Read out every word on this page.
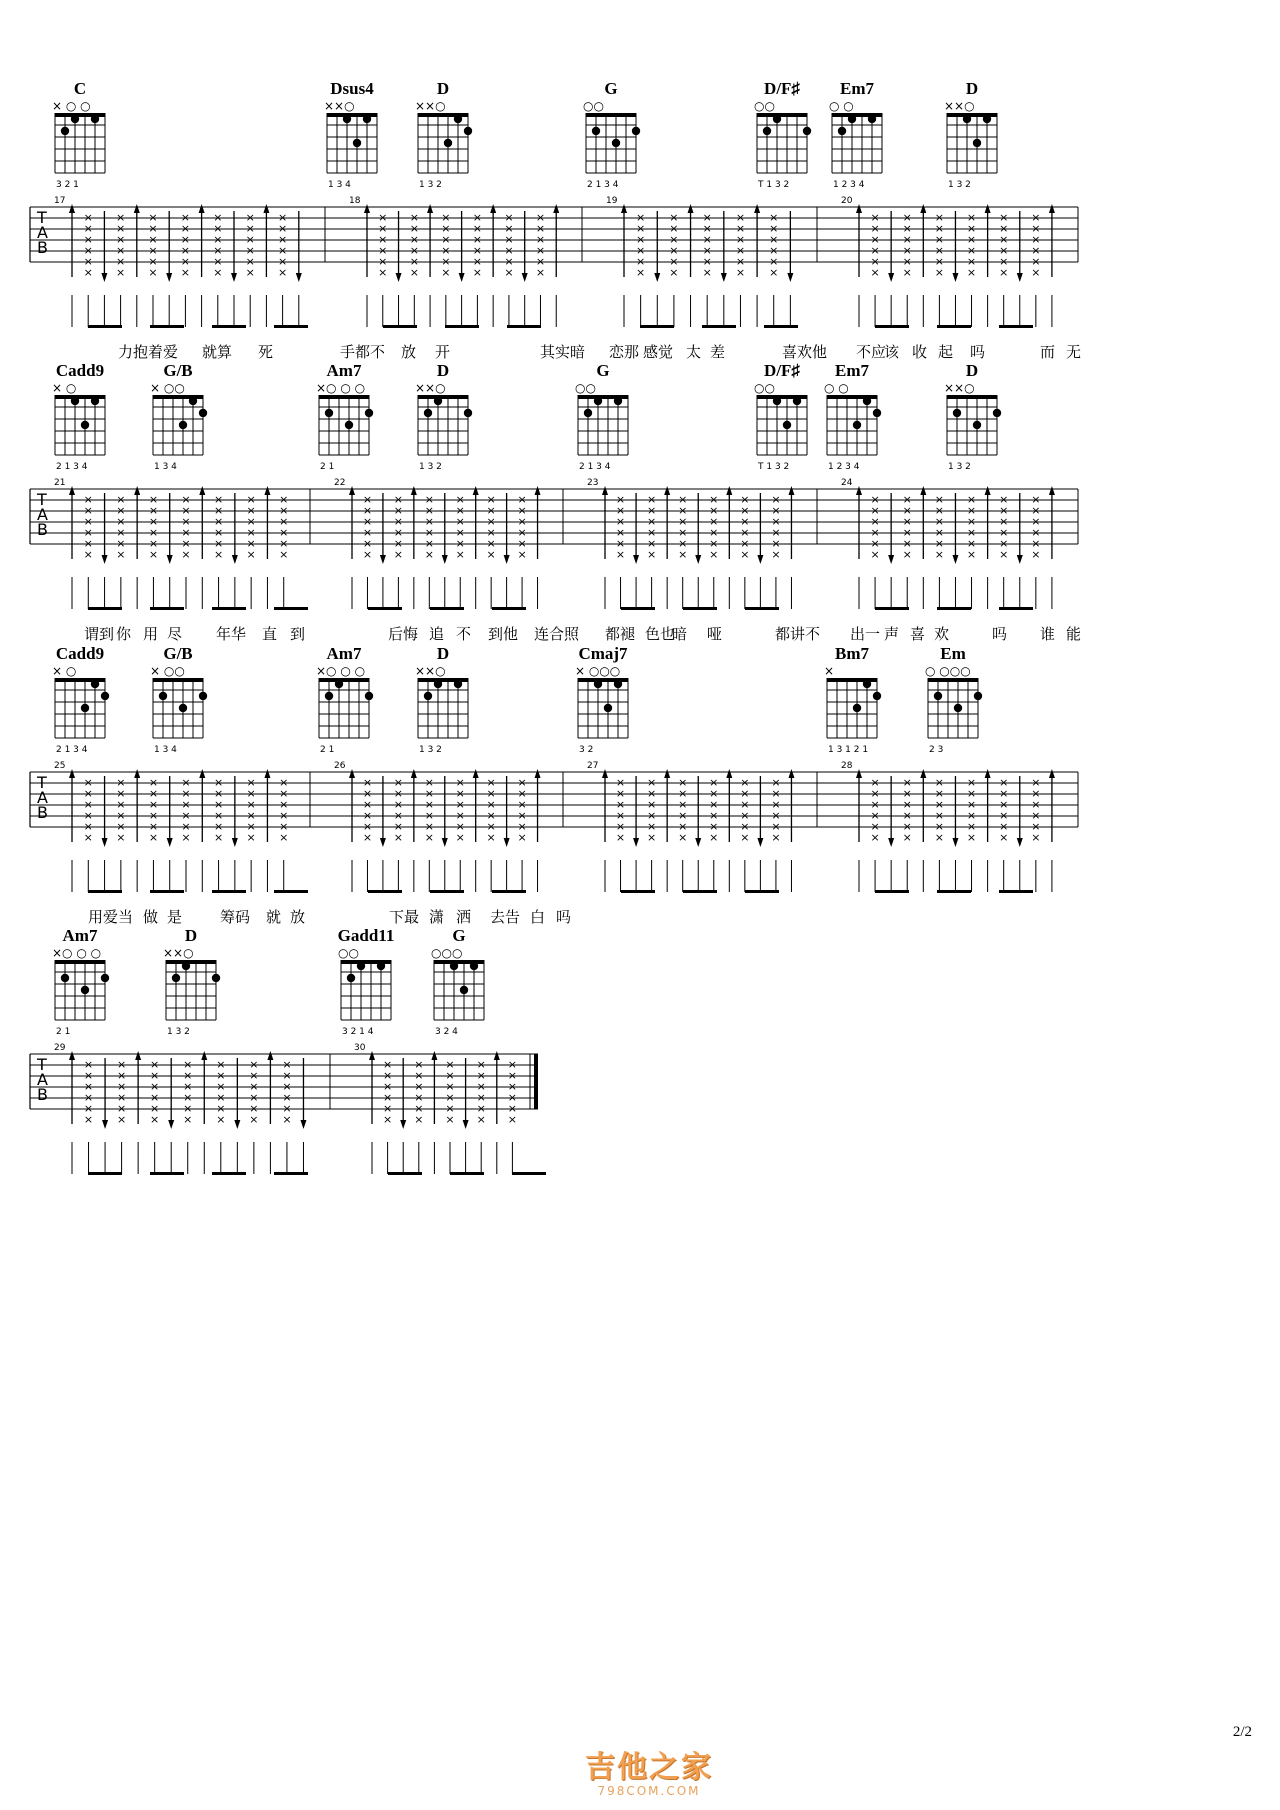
C
× ○ ○
3 2 1
Dsus4
××○
1 3 4
D
××○
1 3 2
G
○○
2 1 3 4
D/F♯
○○
T 1 3 2
Em7
○ ○
1 2 3 4
D
××○
1 3 2
T
A
B
17	18	19	20
×
×
×
×
×
×
×
×
×
×
×
×
×
×
×
×
×
×
×
×
×
×
×
×
×
×
×
×
×
×
×
×
×
×
×
×
×
×
×
×
×
×
×
×
×
×
×
×
×
×
×
×
×
×
×
×
×
×
×
×
×
×
×
×
×
×
×
×
×
×
×
×
×
×
×
×
×
×
×
×
×
×
×
×
×
×
×
×
×
×
×
×
×
×
×
×
×
×
×
×
×
×
×
×
×
×
×
×
×
×
×
×
×
×
×
×
×
×
×
×
×
×
×
×
×
×
×
×
×
×
×
×
×
×
×
×
×
×
×
×
×
×
×
×
力抱着爱 就算 死	手都不 放 开	其实暗 恋那 感觉 太 差	喜欢他 不应
该 收 起 吗	而 无
Cadd9
× ○
2 1 3 4
G/B
× ○○
1 3 4
Am7
×○ ○ ○
2 1
D
××○
1 3 2
G
○○
2 1 3 4
D/F♯
○○
T 1 3 2
Em7
○ ○
1 2 3 4
D
××○
1 3 2
T
A
B
21	22	23	24
×
×
×
×
×
×
×
×
×
×
×
×
×
×
×
×
×
×
×
×
×
×
×
×
×
×
×
×
×
×
×
×
×
×
×
×
×
×
×
×
×
×
×
×
×
×
×
×
×
×
×
×
×
×
×
×
×
×
×
×
×
×
×
×
×
×
×
×
×
×
×
×
×
×
×
×
×
×
×
×
×
×
×
×
×
×
×
×
×
×
×
×
×
×
×
×
×
×
×
×
×
×
×
×
×
×
×
×
×
×
×
×
×
×
×
×
×
×
×
×
×
×
×
×
×
×
×
×
×
×
×
×
×
×
×
×
×
×
×
×
×
×
×
×
×
×
×
×
×
×
谓到 你 用 尽 年华 直 到	后悔 追 不 到他 连合照 都褪 色也
暗 哑	都讲不 出一 声 喜 欢	吗 谁 能
Cadd9
× ○
2 1 3 4
G/B
× ○○
1 3 4
Am7
×○ ○ ○
2 1
D
××○
1 3 2
Cmaj7
× ○○○
3 2
Bm7
×
1 3 1 2 1
Em
○ ○○○
2 3
T
A
B
25	26	27	28
×
×
×
×
×
×
×
×
×
×
×
×
×
×
×
×
×
×
×
×
×
×
×
×
×
×
×
×
×
×
×
×
×
×
×
×
×
×
×
×
×
×
×
×
×
×
×
×
×
×
×
×
×
×
×
×
×
×
×
×
×
×
×
×
×
×
×
×
×
×
×
×
×
×
×
×
×
×
×
×
×
×
×
×
×
×
×
×
×
×
×
×
×
×
×
×
×
×
×
×
×
×
×
×
×
×
×
×
×
×
×
×
×
×
×
×
×
×
×
×
×
×
×
×
×
×
×
×
×
×
×
×
×
×
×
×
×
×
×
×
×
×
×
×
×
×
×
×
×
×
用爱 当 做 是	筹码 就 放	下最 潇 洒 去告 白 吗
Am7
×○ ○ ○
2 1
D
××○
1 3 2
Gadd11
○○
3 2 1 4
G
○○○
3 2 4
T
A
B
29	30
×
×
×
×
×
×
×
×
×
×
×
×
×
×
×
×
×
×
×
×
×
×
×
×
×
×
×
×
×
×
×
×
×
×
×
×
×
×
×
×
×
×
×
×
×
×
×
×
×
×
×
×
×
×
×
×
×
×
×
×
×
×
×
×
×
×
×
×
×
×
×
×
2/2
吉他之家
798COM.COM
